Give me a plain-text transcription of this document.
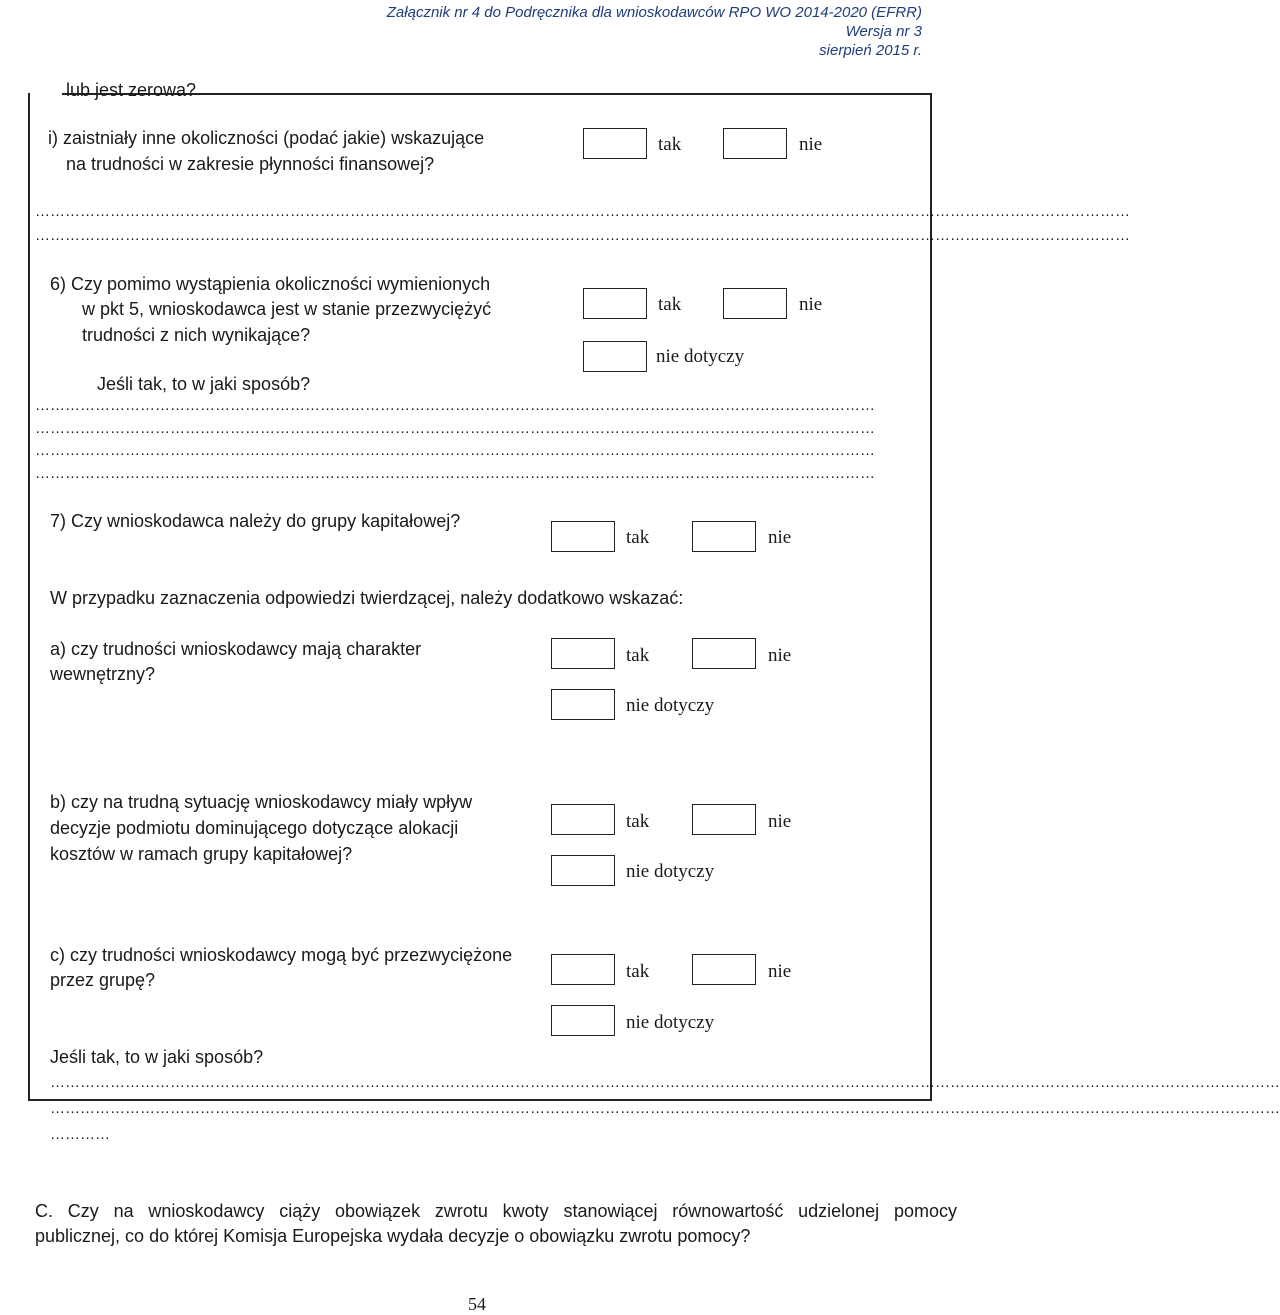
Załącznik nr 4 do Podręcznika dla wnioskodawców RPO WO 2014-2020 (EFRR)
Wersja nr 3
sierpień 2015 r.
lub jest zerowa?
i) zaistniały inne okoliczności (podać jakie) wskazujące
na trudności w zakresie płynności finansowej?
tak	nie
…………………………………………………………………………………………………………………………………………………………………………………………………
…………………………………………………………………………………………………………………………………………………………………………………………………
6) Czy pomimo wystąpienia okoliczności wymienionych
w pkt 5, wnioskodawca jest w stanie przezwyciężyć
trudności z nich wynikające?
Jeśli tak, to w jaki sposób?
tak	nie
nie dotyczy
……………………………………………………………………………………………………………………………………………………
……………………………………………………………………………………………………………………………………………………
……………………………………………………………………………………………………………………………………………………
……………………………………………………………………………………………………………………………………………………
7) Czy wnioskodawca należy do grupy kapitałowej?
tak	nie
W przypadku zaznaczenia odpowiedzi twierdzącej, należy dodatkowo wskazać:
a) czy trudności wnioskodawcy mają charakter
wewnętrzny?
tak	nie
nie dotyczy
b) czy na trudną sytuację wnioskodawcy miały wpływ
decyzje podmiotu dominującego dotyczące alokacji
kosztów w ramach grupy kapitałowej?
tak	nie
nie dotyczy
c) czy trudności wnioskodawcy mogą być przezwyciężone
przez grupę?
Jeśli tak, to w jaki sposób?
tak	nie
nie dotyczy
…………………………………………………………………………………………………………………………………………………………………………………………………………………………
…………………………………………………………………………………………………………………………………………………………………………………………………………………………
…………
C. Czy na wnioskodawcy ciąży obowiązek zwrotu kwoty stanowiącej równowartość udzielonej pomocy
publicznej, co do której Komisja Europejska wydała decyzje o obowiązku zwrotu pomocy?
54
